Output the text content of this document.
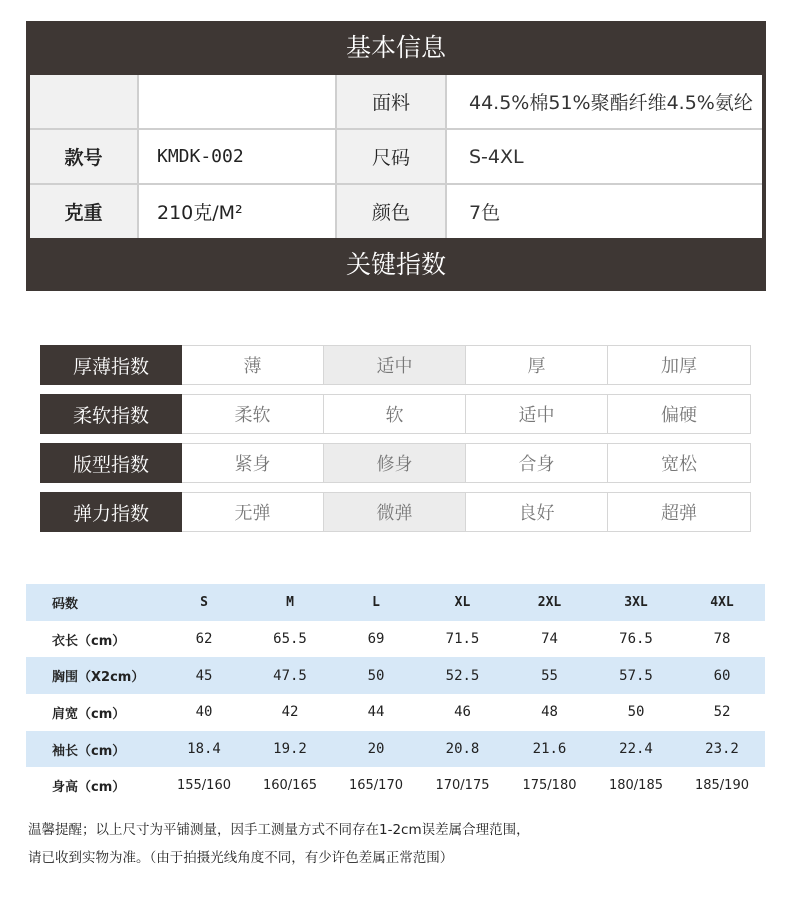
基本信息
面料	44.5%棉51%聚酯纤维4.5%氨纶
款号	KMDK-002	尺码	S-4XL
克重	210克/M²	颜色	7色
关键指数
厚薄指数	薄	适中	厚	加厚
柔软指数	柔软	软	适中	偏硬
版型指数	紧身	修身	合身	宽松
弹力指数	无弹	微弹	良好	超弹
码数	S	M	L	XL	2XL	3XL	4XL
衣长（cm）	62	65.5	69	71.5	74	76.5	78
胸围（X2cm）	45	47.5	50	52.5	55	57.5	60
肩宽（cm）	40	42	44	46	48	50	52
袖长（cm）	18.4	19.2	20	20.8	21.6	22.4	23.2
身高（cm）	155/160	160/165	165/170	170/175	175/180	180/185	185/190
温馨提醒；以上尺寸为平铺测量，因手工测量方式不同存在1-2cm误差属合理范围，
请已收到实物为准。（由于拍摄光线角度不同，有少许色差属正常范围）
